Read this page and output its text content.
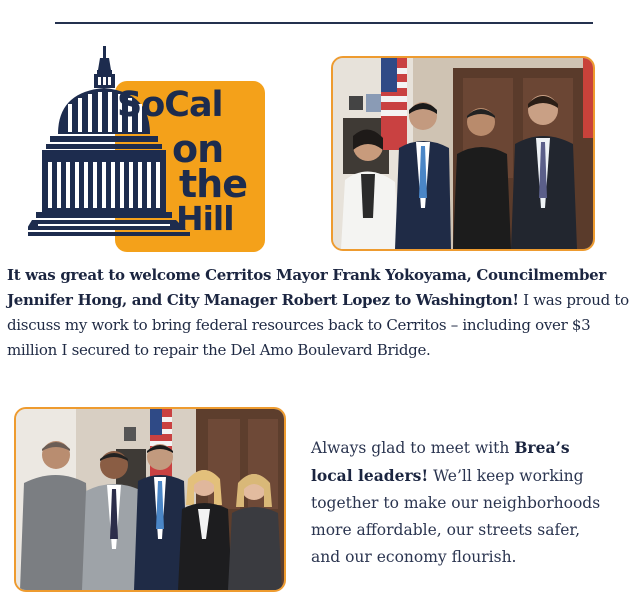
SoCal
on
the
Hill
It was great to welcome Cerritos Mayor Frank Yokoyama, Councilmember Jennifer Hong, and City Manager Robert Lopez to Washington! I was proud to discuss my work to bring federal resources back to Cerritos – including over $3 million I secured to repair the Del Amo Boulevard Bridge.
Always glad to meet with Brea’s local leaders! We’ll keep working together to make our neighborhoods more affordable, our streets safer, and our economy flourish.
